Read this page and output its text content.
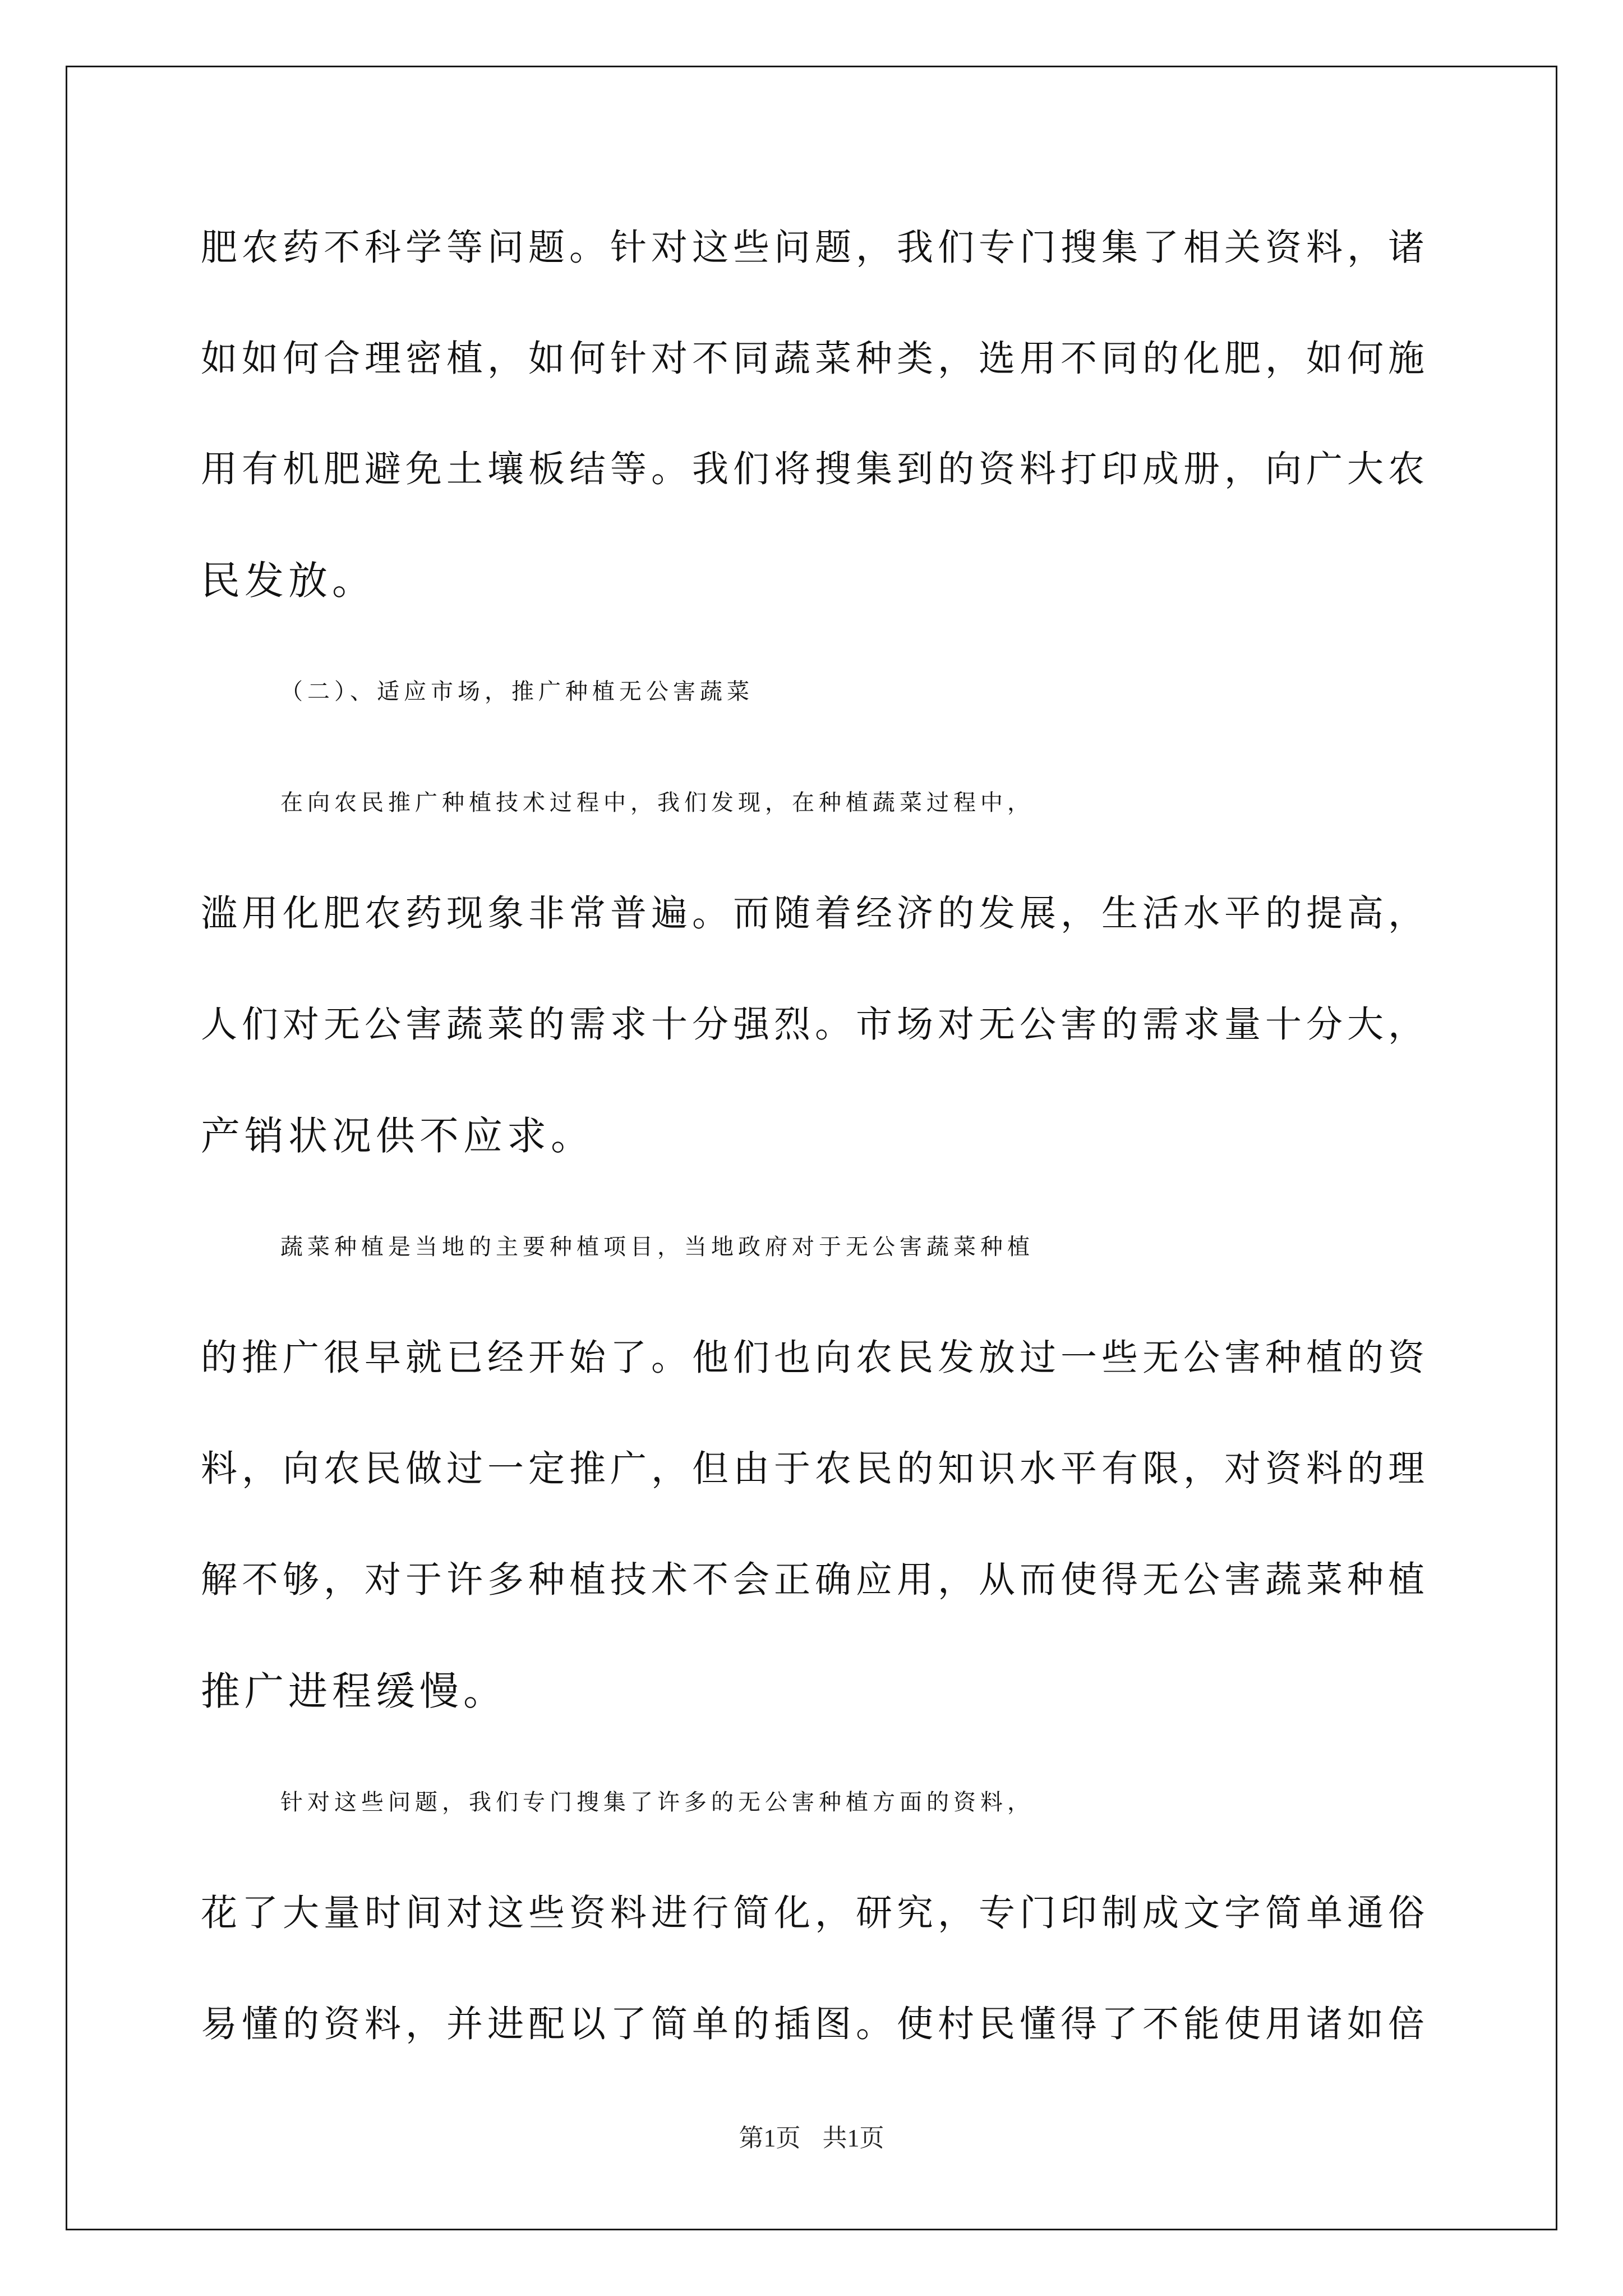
肥农药不科学等问题。针对这些问题，我们专门搜集了相关资料，诸
如如何合理密植，如何针对不同蔬菜种类，选用不同的化肥，如何施
用有机肥避免土壤板结等。我们将搜集到的资料打印成册，向广大农
民发放。
（二）、适应市场，推广种植无公害蔬菜
在向农民推广种植技术过程中，我们发现，在种植蔬菜过程中，
滥用化肥农药现象非常普遍。而随着经济的发展，生活水平的提高，
人们对无公害蔬菜的需求十分强烈。市场对无公害的需求量十分大，
产销状况供不应求。
蔬菜种植是当地的主要种植项目，当地政府对于无公害蔬菜种植
的推广很早就已经开始了。他们也向农民发放过一些无公害种植的资
料，向农民做过一定推广，但由于农民的知识水平有限，对资料的理
解不够，对于许多种植技术不会正确应用，从而使得无公害蔬菜种植
推广进程缓慢。
针对这些问题，我们专门搜集了许多的无公害种植方面的资料，
花了大量时间对这些资料进行简化，研究，专门印制成文字简单通俗
易懂的资料，并进配以了简单的插图。使村民懂得了不能使用诸如倍
第1页 共1页
